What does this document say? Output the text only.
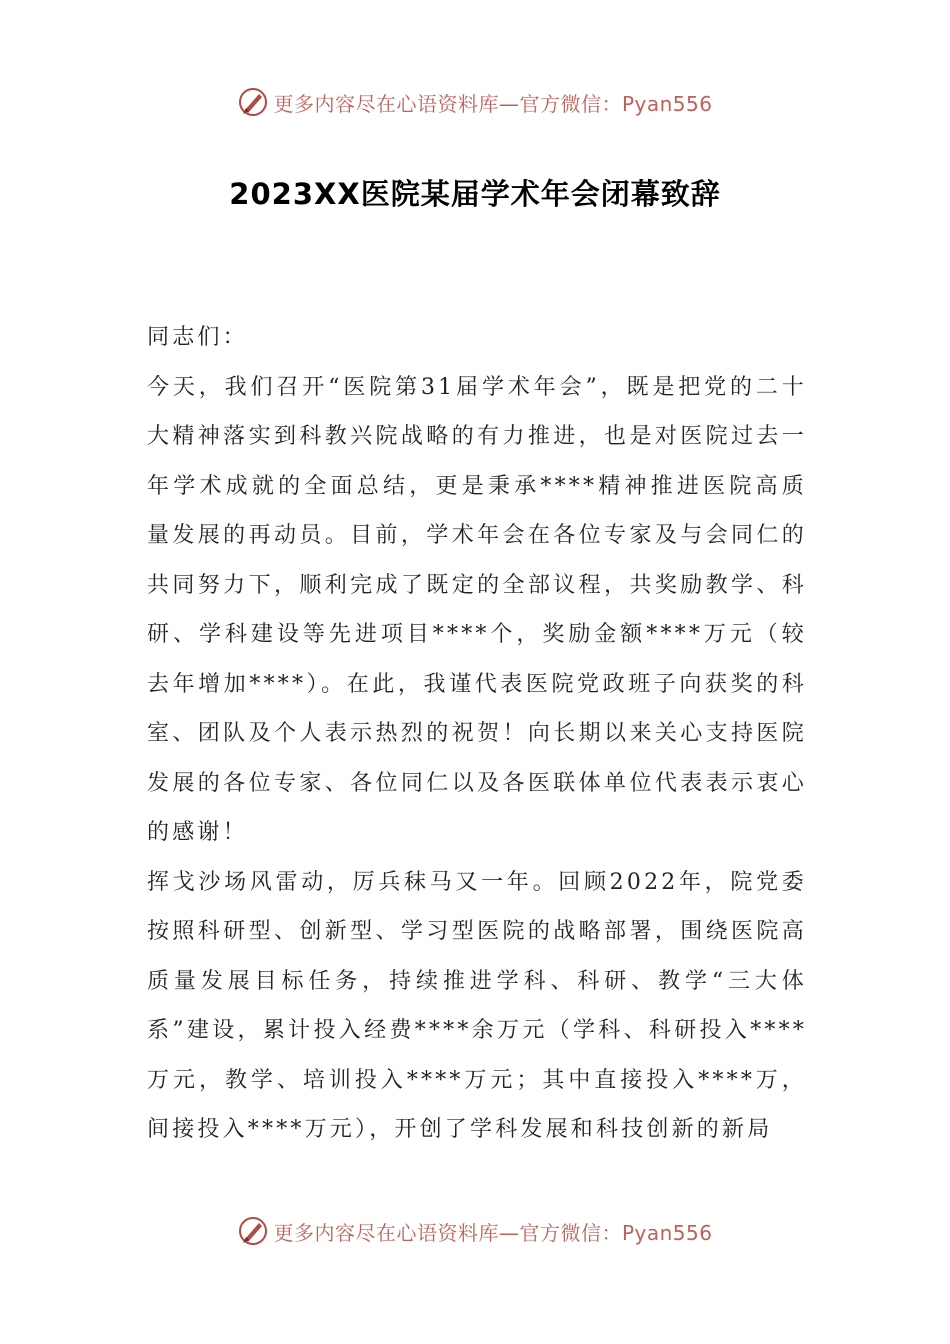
更多内容尽在心语资料库—官方微信：Pyan556
2023XX医院某届学术年会闭幕致辞

同志们：

今天，我们召开“医院第31届学术年会”，既是把党的二十大精神落实到科教兴院战略的有力推进，也是对医院过去一年学术成就的全面总结，更是秉承****精神推进医院高质量发展的再动员。目前，学术年会在各位专家及与会同仁的共同努力下，顺利完成了既定的全部议程，共奖励教学、科研、学科建设等先进项目****个，奖励金额****万元（较去年增加****）。在此，我谨代表医院党政班子向获奖的科室、团队及个人表示热烈的祝贺！向长期以来关心支持医院发展的各位专家、各位同仁以及各医联体单位代表表示衷心的感谢！

挥戈沙场风雷动，厉兵秣马又一年。回顾2022年，院党委按照科研型、创新型、学习型医院的战略部署，围绕医院高质量发展目标任务，持续推进学科、科研、教学“三大体系”建设，累计投入经费****余万元（学科、科研投入****万元，教学、培训投入****万元；其中直接投入****万，间接投入****万元），开创了学科发展和科技创新的新局

更多内容尽在心语资料库—官方微信：Pyan556
